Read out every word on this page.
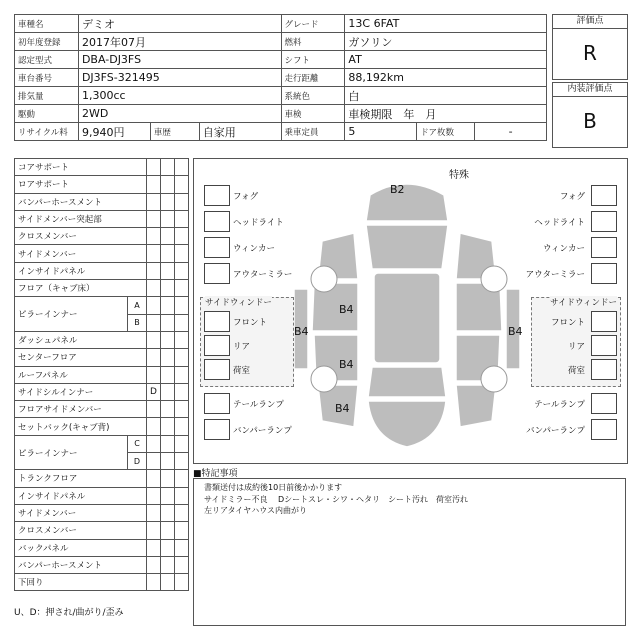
車種名	デミオ			グレード	13C 6FAT		
初年度登録	2017年07月			燃料	ガソリン		
認定型式	DBA-DJ3FS			シフト	AT		
車台番号	DJ3FS-321495			走行距離	88,192km		
排気量	1,300cc			系統色	白		
駆動	2WD			車検	車検期限　年　月		
リサイクル料	9,940円	車歴	自家用	乗車定員	5	ドア枚数	-
評価点
R
内装評価点
B
コアサポート				
ロアサポート				
バンパーホースメント				
サイドメンバー突起部				
クロスメンバー				
サイドメンバー				
インサイドパネル				
フロア（キャブ床）				
ピラーインナー	A			
	B			
ダッシュパネル				
センターフロア				
ルーフパネル				
サイドシルインナー		D		
フロアサイドメンバー				
セットバック(キャブ背)				
ピラーインナー	C			
	D			
トランクフロア				
インサイドパネル				
サイドメンバー				
クロスメンバー				
バックパネル				
バンパーホースメント				
下回り				
U、D：押され/曲がり/歪み
特殊
B2
B4
B4
B4
B4	B4
フォグ
ヘッドライト
ウィンカー
アウターミラー
サイドウィンドー
フロント
リア
荷室
テールランプ
バンパーランプ
フォグ
ヘッドライト
ウィンカー
アウターミラー
サイドウィンドー
フロント
リア
荷室
テールランプ
バンパーランプ
■特記事項
書類送付は成約後10日前後かかります
サイドミラー不良　 Dシートスレ・シワ・ヘタリ　シート汚れ　荷室汚れ
左リアタイヤハウス内曲がり
